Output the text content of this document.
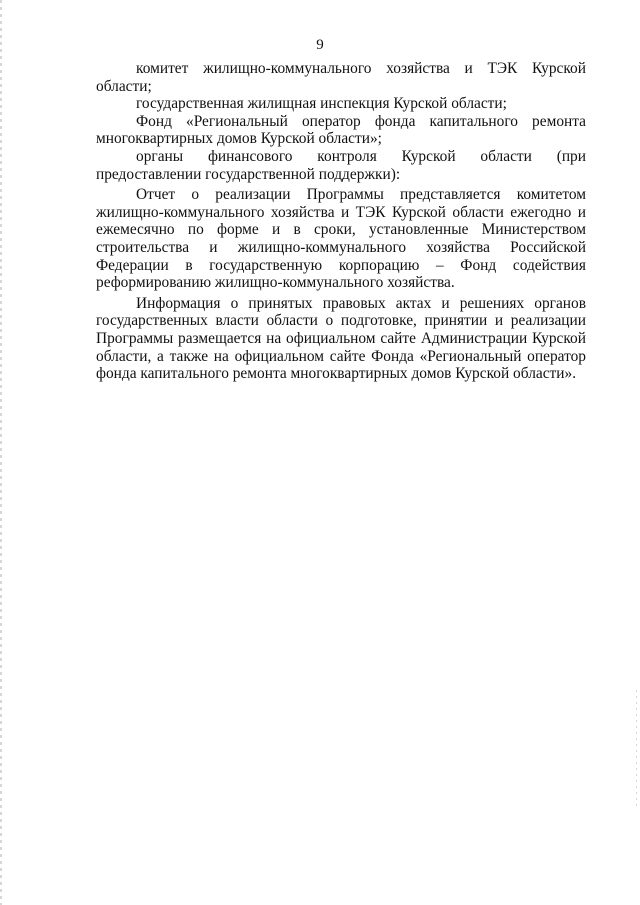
9

комитет жилищно-коммунального хозяйства и ТЭК Курской области;

государственная жилищная инспекция Курской области;

Фонд «Региональный оператор фонда капитального ремонта многоквартирных домов Курской области»;

органы финансового контроля Курской области (при предоставлении государственной поддержки):

Отчет о реализации Программы представляется комитетом жилищно-коммунального хозяйства и ТЭК Курской области ежегодно и ежемесячно по форме и в сроки, установленные Министерством строительства и жилищно-коммунального хозяйства Российской Федерации в государственную корпорацию – Фонд содействия реформированию жилищно-коммунального хозяйства.

Информация о принятых правовых актах и решениях органов государственных власти области о подготовке, принятии и реализации Программы размещается на официальном сайте Администрации Курской области, а также на официальном сайте Фонда «Региональный оператор фонда капитального ремонта многоквартирных домов Курской области».
